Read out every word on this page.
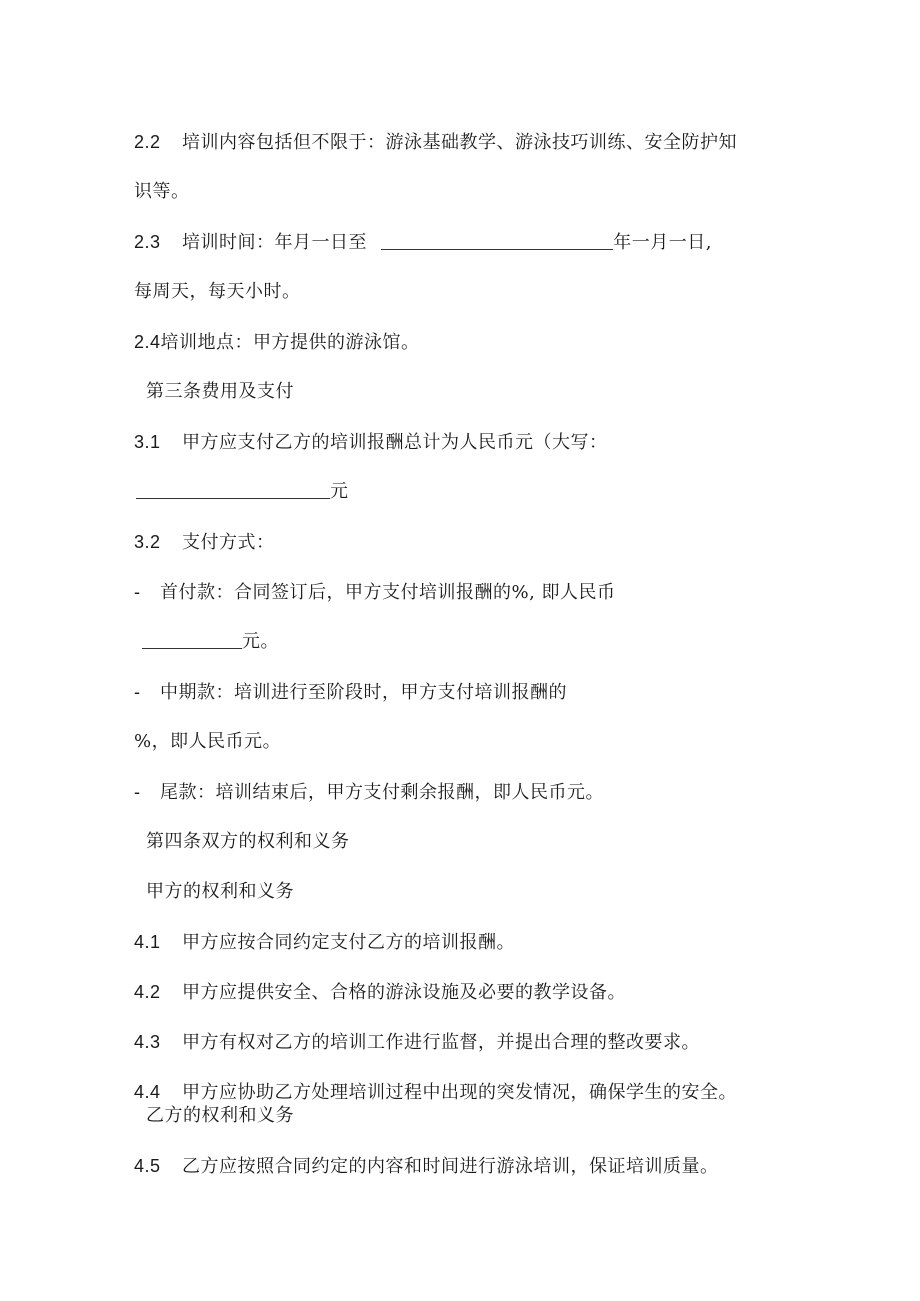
2.2 培训内容包括但不限于：游泳基础教学、游泳技巧训练、安全防护知
识等。
2.3 培训时间：年月一日至	年一月一日,
每周天，每天小时。
2.4培训地点：甲方提供的游泳馆。
第三条费用及支付
3.1 甲方应支付乙方的培训报酬总计为人民币元（大写：
元
3.2 支付方式：
- 首付款：合同签订后，甲方支付培训报酬的%, 即人民币
元。
- 中期款：培训进行至阶段时，甲方支付培训报酬的
%，即人民币元。
- 尾款：培训结束后，甲方支付剩余报酬，即人民币元。
第四条双方的权利和义务
甲方的权利和义务
4.1 甲方应按合同约定支付乙方的培训报酬。
4.2 甲方应提供安全、合格的游泳设施及必要的教学设备。
4.3 甲方有权对乙方的培训工作进行监督，并提出合理的整改要求。
4.4 甲方应协助乙方处理培训过程中出现的突发情况，确保学生的安全。
乙方的权利和义务
4.5 乙方应按照合同约定的内容和时间进行游泳培训，保证培训质量。
